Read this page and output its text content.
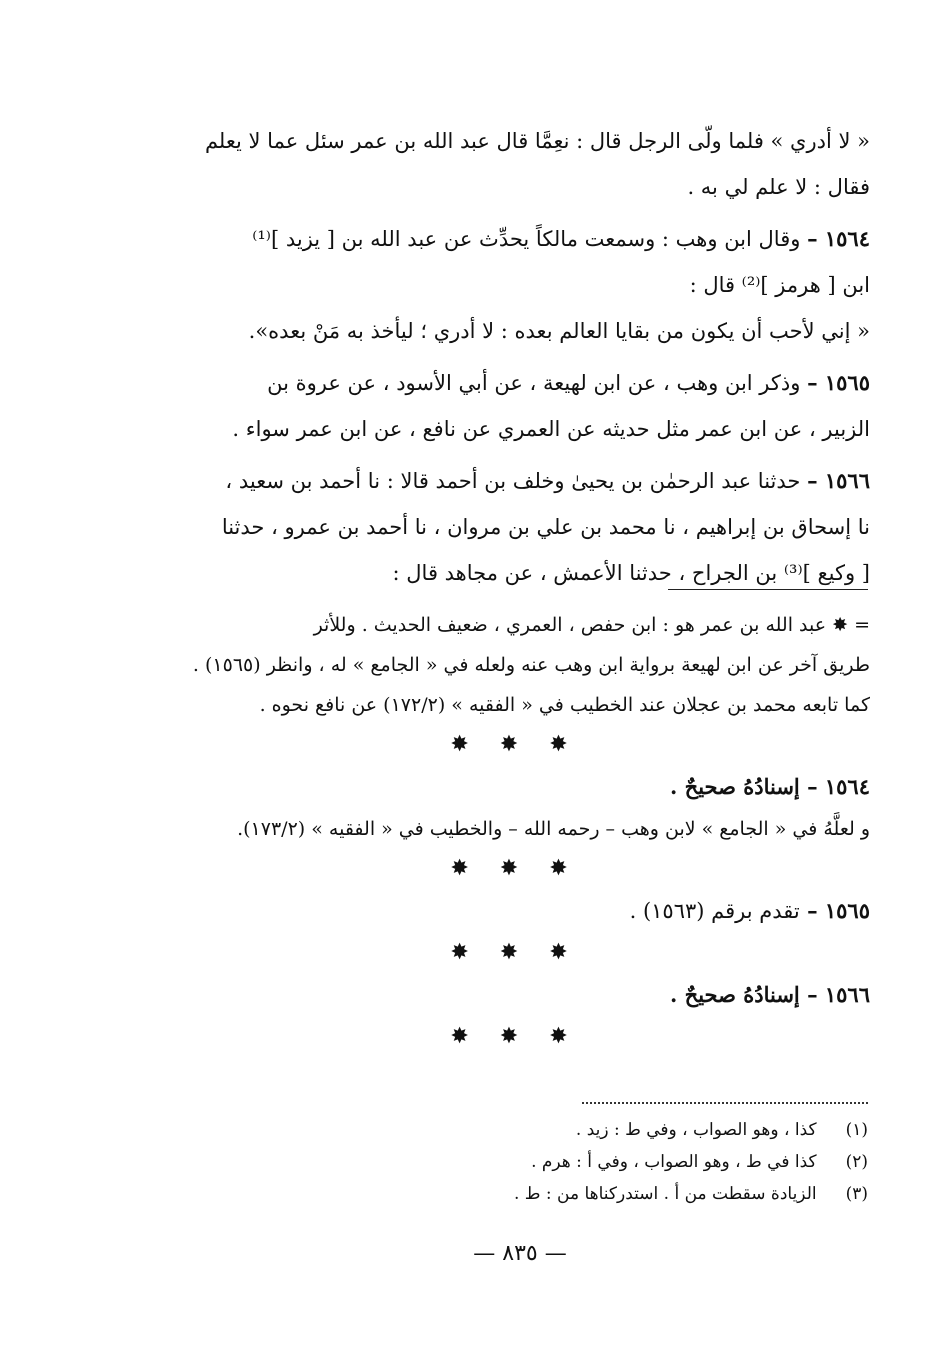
« لا أدري » فلما ولّى الرجل قال : نعِمَّا قال عبد الله بن عمر سئل عما لا يعلم
فقال : لا علم لي به .
١٥٦٤ – وقال ابن وهب : وسمعت مالكاً يحدِّث عن عبد الله بن [ يزيد ]⁽¹⁾
ابن [ هرمز ]⁽²⁾ قال :
« إني لأحب أن يكون من بقايا العالم بعده : لا أدري ؛ ليأخذ به مَنْ بعده».
١٥٦٥ – وذكر ابن وهب ، عن ابن لهيعة ، عن أبي الأسود ، عن عروة بن
الزبير ، عن ابن عمر مثل حديثه عن العمري عن نافع ، عن ابن عمر سواء .
١٥٦٦ – حدثنا عبد الرحمٰن بن يحيىٰ وخلف بن أحمد قالا : نا أحمد بن سعيد ،
نا إسحاق بن إبراهيم ، نا محمد بن علي بن مروان ، نا أحمد بن عمرو ، حدثنا
[ وكيع ]⁽³⁾ بن الجراح ، حدثنا الأعمش ، عن مجاهد قال :
= ✸ عبد الله بن عمر هو : ابن حفص ، العمري ، ضعيف الحديث . وللأثر
طريق آخر عن ابن لهيعة برواية ابن وهب عنه ولعله في « الجامع » له ، وانظر (١٥٦٥) .
كما تابعه محمد بن عجلان عند الخطيب في « الفقيه » (١٧٢/٢) عن نافع نحوه .
✸ ✸ ✸
١٥٦٤ – إسنادُهُ صحيحٌ .
و لعلَّهُ في « الجامع » لابن وهب – رحمه الله – والخطيب في « الفقيه » (١٧٣/٢).
✸ ✸ ✸
١٥٦٥ – تقدم برقم (١٥٦٣) .
✸ ✸ ✸
١٥٦٦ – إسنادُهُ صحيحٌ .
✸ ✸ ✸
(١) كذا ، وهو الصواب ، وفي ط : زيد .
(٢) كذا في ط ، وهو الصواب ، وفي أ : هرم .
(٣) الزيادة سقطت من أ . استدركناها من : ط .
— ٨٣٥ —
